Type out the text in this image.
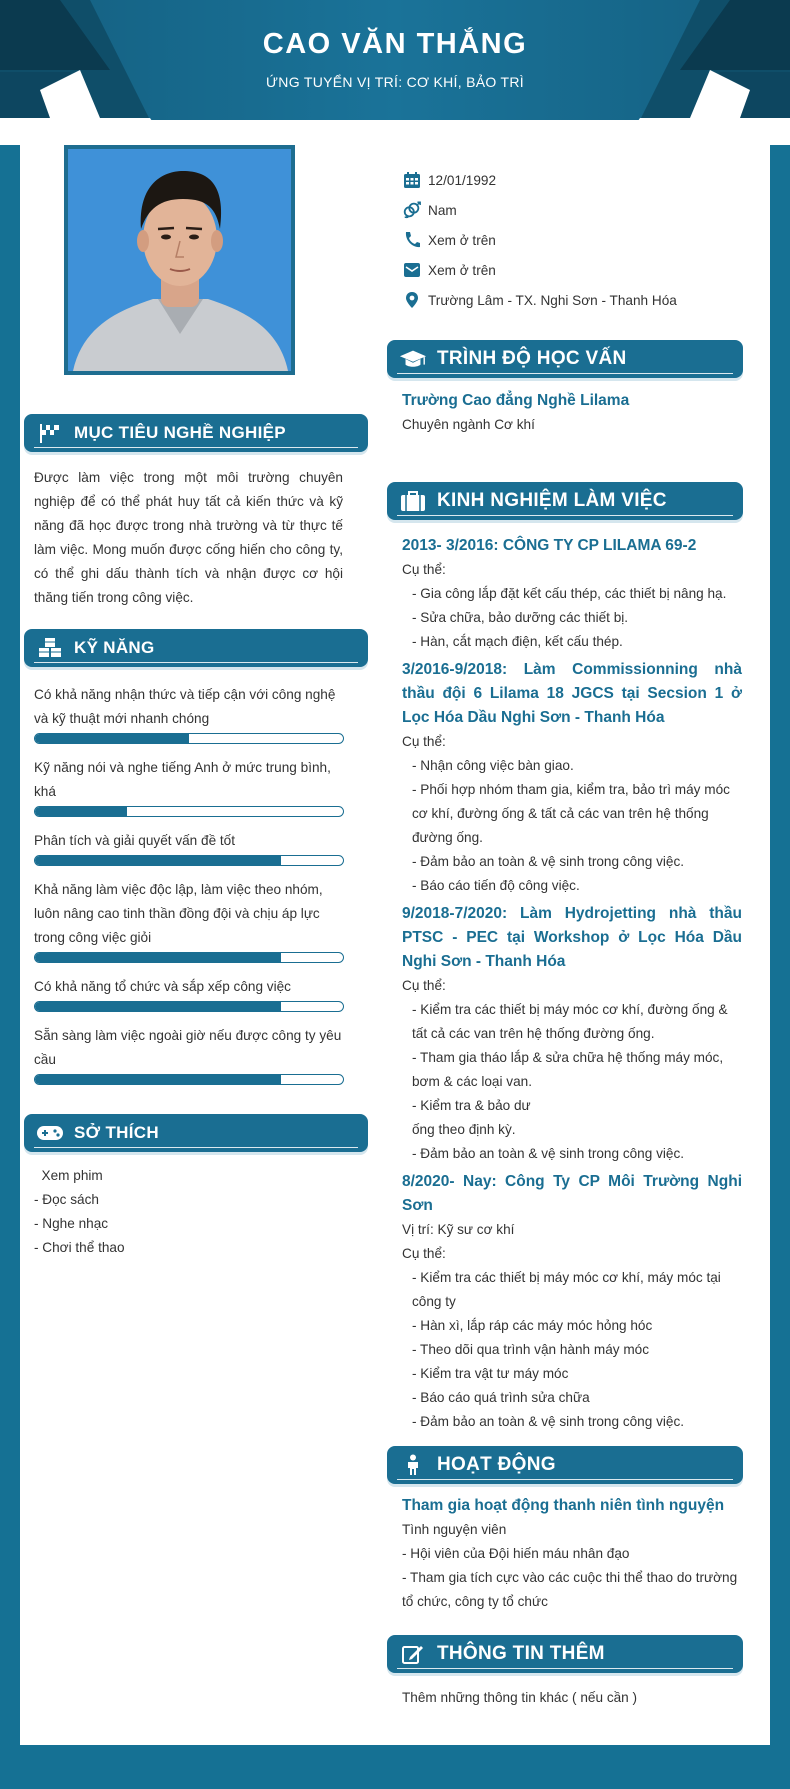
CAO VĂN THẮNG
ỨNG TUYỂN VỊ TRÍ: CƠ KHÍ, BẢO TRÌ
MỤC TIÊU NGHỀ NGHIỆP
Được làm việc trong một môi trường chuyên nghiệp để có thể phát huy tất cả kiến thức và kỹ năng đã học được trong nhà trường và từ thực tế làm việc. Mong muốn được cống hiến cho công ty, có thể ghi dấu thành tích và nhận được cơ hội thăng tiến trong công việc.
KỸ NĂNG
Có khả năng nhận thức và tiếp cận với công nghệ và kỹ thuật mới nhanh chóng
Kỹ năng nói và nghe tiếng Anh ở mức trung bình, khá
Phân tích và giải quyết vấn đề tốt
Khả năng làm việc độc lập, làm việc theo nhóm, luôn nâng cao tinh thần đồng đội và chịu áp lực trong công việc giỏi
Có khả năng tổ chức và sắp xếp công việc
Sẵn sàng làm việc ngoài giờ nếu được công ty yêu cầu
SỞ THÍCH
Xem phim
- Đọc sách
- Nghe nhạc
- Chơi thể thao
12/01/1992
Nam
Xem ở trên
Xem ở trên
Trường Lâm - TX. Nghi Sơn - Thanh Hóa
TRÌNH ĐỘ HỌC VẤN
Trường Cao đẳng Nghề Lilama
Chuyên ngành Cơ khí
KINH NGHIỆM LÀM VIỆC
2013- 3/2016: CÔNG TY CP LILAMA 69-2
Cụ thể:
- Gia công lắp đặt kết cấu thép, các thiết bị nâng hạ.
- Sửa chữa, bảo dưỡng các thiết bị.
- Hàn, cắt mạch điện, kết cấu thép.
3/2016-9/2018: Làm Commissionning nhà thầu đội 6 Lilama 18 JGCS tại Secsion 1 ở Lọc Hóa Dầu Nghi Sơn - Thanh Hóa
Cụ thể:
- Nhận công việc bàn giao.
- Phối hợp nhóm tham gia, kiểm tra, bảo trì máy móc cơ khí, đường ống & tất cả các van trên hệ thống đường ống.
- Đảm bảo an toàn & vệ sinh trong công việc.
- Báo cáo tiến độ công việc.
9/2018-7/2020: Làm Hydrojetting nhà thầu PTSC - PEC tại Workshop ở Lọc Hóa Dầu Nghi Sơn - Thanh Hóa
Cụ thể:
- Kiểm tra các thiết bị máy móc cơ khí, đường ống & tất cả các van trên hệ thống đường ống.
- Tham gia tháo lắp & sửa chữa hệ thống máy móc, bơm & các loại van.
- Kiểm tra & bảo dư
ống theo định kỳ.
- Đảm bảo an toàn & vệ sinh trong công việc.
8/2020- Nay: Công Ty CP Môi Trường Nghi Sơn
Vị trí: Kỹ sư cơ khí
Cụ thể:
- Kiểm tra các thiết bị máy móc cơ khí, máy móc tại công ty
- Hàn xì, lắp ráp các máy móc hỏng hóc
- Theo dõi qua trình vận hành máy móc
- Kiểm tra vật tư máy móc
- Báo cáo quá trình sửa chữa
- Đảm bảo an toàn & vệ sinh trong công việc.
HOẠT ĐỘNG
Tham gia hoạt động thanh niên tình nguyện
Tình nguyện viên
- Hội viên của Đội hiến máu nhân đạo
- Tham gia tích cực vào các cuộc thi thể thao do trường tổ chức, công ty tổ chức
THÔNG TIN THÊM
Thêm những thông tin khác ( nếu cần )
